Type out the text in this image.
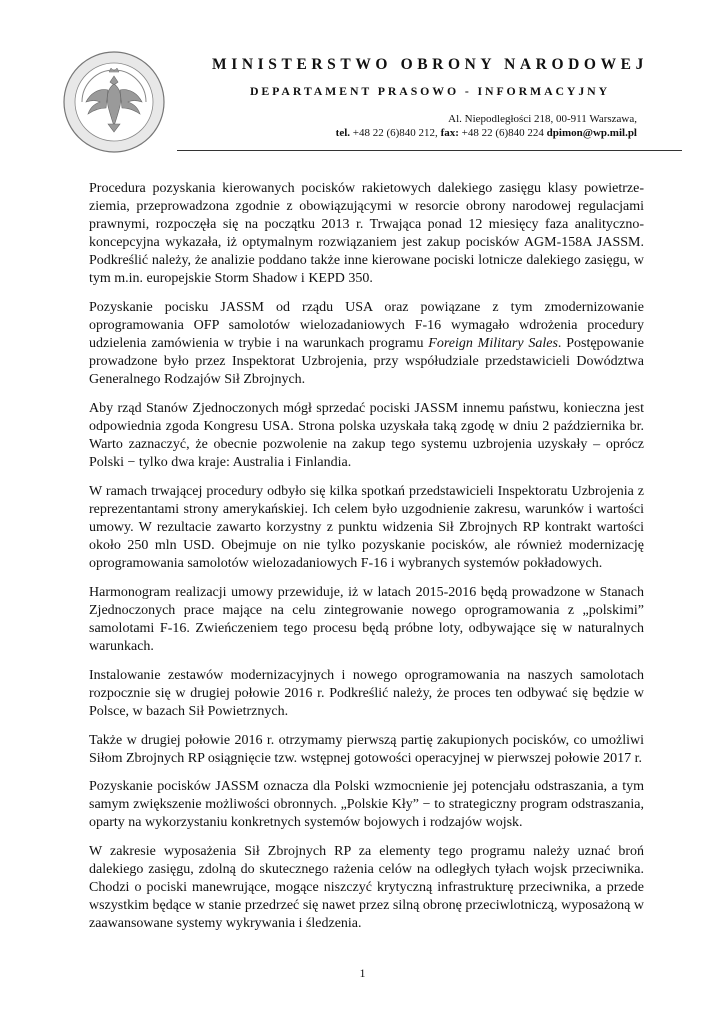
MINISTERSTWO OBRONY NARODOWEJ
DEPARTAMENT PRASOWO - INFORMACYJNY
Al. Niepodległości 218, 00-911 Warszawa,
tel. +48 22 (6)840 212, fax: +48 22 (6)840 224 dpimon@wp.mil.pl

Procedura pozyskania kierowanych pocisków rakietowych dalekiego zasięgu klasy powietrze-ziemia, przeprowadzona zgodnie z obowiązującymi w resorcie obrony narodowej regulacjami prawnymi, rozpoczęła się na początku 2013 r. Trwająca ponad 12 miesięcy faza analityczno-koncepcyjna wykazała, iż optymalnym rozwiązaniem jest zakup pocisków AGM-158A JASSM. Podkreślić należy, że analizie poddano także inne kierowane pociski lotnicze dalekiego zasięgu, w tym m.in. europejskie Storm Shadow i KEPD 350.

Pozyskanie pocisku JASSM od rządu USA oraz powiązane z tym zmodernizowanie oprogramowania OFP samolotów wielozadaniowych F-16 wymagało wdrożenia procedury udzielenia zamówienia w trybie i na warunkach programu Foreign Military Sales. Postępowanie prowadzone było przez Inspektorat Uzbrojenia, przy współudziale przedstawicieli Dowództwa Generalnego Rodzajów Sił Zbrojnych.

Aby rząd Stanów Zjednoczonych mógł sprzedać pociski JASSM innemu państwu, konieczna jest odpowiednia zgoda Kongresu USA. Strona polska uzyskała taką zgodę w dniu 2 października br. Warto zaznaczyć, że obecnie pozwolenie na zakup tego systemu uzbrojenia uzyskały – oprócz Polski − tylko dwa kraje: Australia i Finlandia.

W ramach trwającej procedury odbyło się kilka spotkań przedstawicieli Inspektoratu Uzbrojenia z reprezentantami strony amerykańskiej. Ich celem było uzgodnienie zakresu, warunków i wartości umowy. W rezultacie zawarto korzystny z punktu widzenia Sił Zbrojnych RP kontrakt wartości około 250 mln USD. Obejmuje on nie tylko pozyskanie pocisków, ale również modernizację oprogramowania samolotów wielozadaniowych F-16 i wybranych systemów pokładowych.

Harmonogram realizacji umowy przewiduje, iż w latach 2015-2016 będą prowadzone w Stanach Zjednoczonych prace mające na celu zintegrowanie nowego oprogramowania z „polskimi” samolotami F-16. Zwieńczeniem tego procesu będą próbne loty, odbywające się w naturalnych warunkach.

Instalowanie zestawów modernizacyjnych i nowego oprogramowania na naszych samolotach rozpocznie się w drugiej połowie 2016 r. Podkreślić należy, że proces ten odbywać się będzie w Polsce, w bazach Sił Powietrznych.

Także w drugiej połowie 2016 r. otrzymamy pierwszą partię zakupionych pocisków, co umożliwi Siłom Zbrojnych RP osiągnięcie tzw. wstępnej gotowości operacyjnej w pierwszej połowie 2017 r.

Pozyskanie pocisków JASSM oznacza dla Polski wzmocnienie jej potencjału odstraszania, a tym samym zwiększenie możliwości obronnych. „Polskie Kły” − to strategiczny program odstraszania, oparty na wykorzystaniu konkretnych systemów bojowych i rodzajów wojsk.

W zakresie wyposażenia Sił Zbrojnych RP za elementy tego programu należy uznać broń dalekiego zasięgu, zdolną do skutecznego rażenia celów na odległych tyłach wojsk przeciwnika. Chodzi o pociski manewrujące, mogące niszczyć krytyczną infrastrukturę przeciwnika, a przede wszystkim będące w stanie przedrzeć się nawet przez silną obronę przeciwlotniczą, wyposażoną w zaawansowane systemy wykrywania i śledzenia.

1
